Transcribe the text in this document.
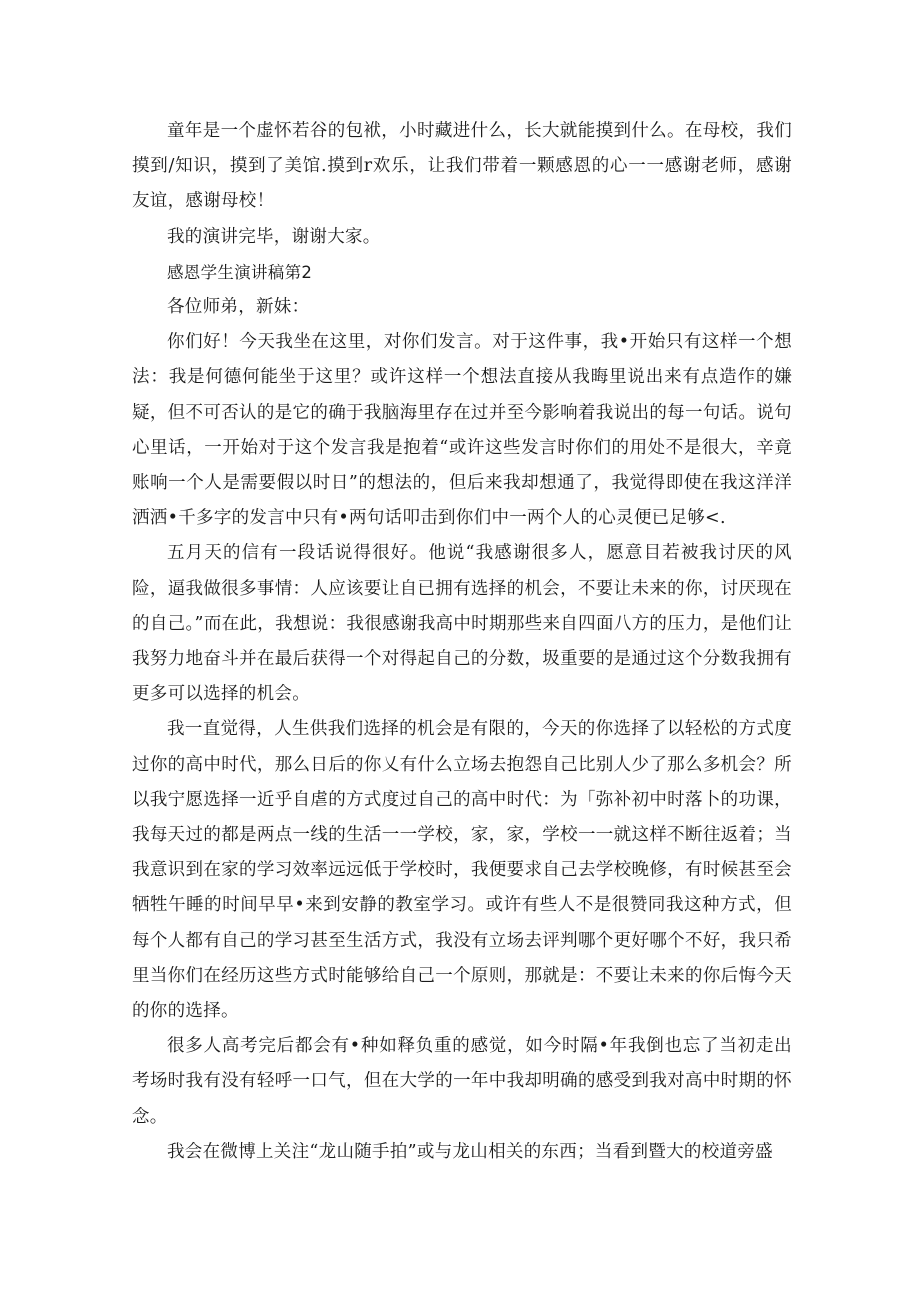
童年是一个虚怀若谷的包袱，小时藏进什么，长大就能摸到什么。在母校，我们摸到/知识，摸到了美馆.摸到r欢乐，让我们带着一颗感恩的心一一感谢老师，感谢友谊，感谢母校！

我的演讲完毕，谢谢大家。

感恩学生演讲稿第2

各位师弟，新妹：

你们好！今天我坐在这里，对你们发言。对于这件事，我•开始只有这样一个想法：我是何德何能坐于这里？或许这样一个想法直接从我晦里说出来有点造作的嫌疑，但不可否认的是它的确于我脑海里存在过并至今影响着我说出的每一句话。说句心里话，一开始对于这个发言我是抱着“或许这些发言时你们的用处不是很大，辛竟账响一个人是需要假以时日”的想法的，但后来我却想通了，我觉得即使在我这洋洋洒洒•千多字的发言中只有•两句话叩击到你们中一两个人的心灵便已足够<.

五月天的信有一段话说得很好。他说“我感谢很多人，愿意目若被我讨厌的风险，逼我做很多事情：人应该要让自已拥有选择的机会，不要让未来的你，讨厌现在的自己。”而在此，我想说：我很感谢我高中时期那些来自四面八方的压力，是他们让我努力地奋斗并在最后获得一个对得起自己的分数，圾重要的是通过这个分数我拥有更多可以选择的机会。

我一直觉得，人生供我们选择的机会是有限的，今天的你选择了以轻松的方式度过你的高中时代，那么日后的你乂有什么立场去抱怨自己比别人少了那么多机会？所以我宁愿选择一近乎自虐的方式度过自己的高中时代：为「弥补初中时落卜的功课，我每天过的都是两点一线的生活一一学校，家，家，学校一一就这样不断往返着；当我意识到在家的学习效率远远低于学校时，我便要求自己去学校晚修，有时候甚至会牺牲午睡的时间早早•来到安静的教室学习。或许有些人不是很赞同我这种方式，但每个人都有自己的学习甚至生活方式，我没有立场去评判哪个更好哪个不好，我只希里当你们在经历这些方式时能够给自己一个原则，那就是：不要让未来的你后悔今天的你的选择。

很多人高考完后都会有•种如释负重的感觉，如今时隔•年我倒也忘了当初走出考场时我有没有轻呼一口气，但在大学的一年中我却明确的感受到我对高中时期的怀念。

我会在微博上关注“龙山随手拍”或与龙山相关的东西；当看到暨大的校道旁盛
